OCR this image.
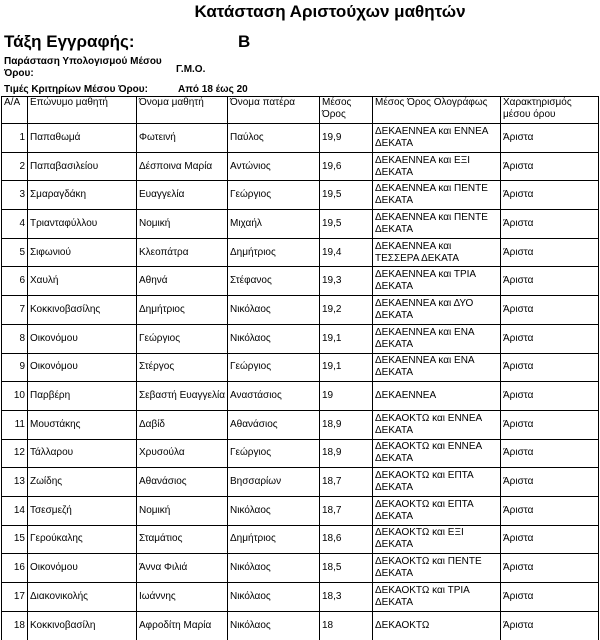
Κατάσταση Αριστούχων μαθητών
Τάξη Εγγραφής:	Β
Παράσταση Υπολογισμού Μέσου Όρου:	Γ.Μ.Ο.
Τιμές Κριτηρίων Μέσου Όρου:	Από 18 έως 20
Α/Α	Επώνυμο μαθητή	Όνομα μαθητή	Όνομα πατέρα	Μέσος Όρος	Μέσος Όρος Ολογράφως	Χαρακτηρισμός μέσου όρου
1	Παπαθωμά	Φωτεινή	Παύλος	19,9	ΔΕΚΑΕΝΝΕΑ και ΕΝΝΕΑ ΔΕΚΑΤΑ	Άριστα
2	Παπαβασιλείου	Δέσποινα Μαρία	Αντώνιος	19,6	ΔΕΚΑΕΝΝΕΑ και ΕΞΙ ΔΕΚΑΤΑ	Άριστα
3	Σμαραγδάκη	Ευαγγελία	Γεώργιος	19,5	ΔΕΚΑΕΝΝΕΑ και ΠΕΝΤΕ ΔΕΚΑΤΑ	Άριστα
4	Τριανταφύλλου	Νομική	Μιχαήλ	19,5	ΔΕΚΑΕΝΝΕΑ και ΠΕΝΤΕ ΔΕΚΑΤΑ	Άριστα
5	Σιφωνιού	Κλεοπάτρα	Δημήτριος	19,4	ΔΕΚΑΕΝΝΕΑ και ΤΕΣΣΕΡΑ ΔΕΚΑΤΑ	Άριστα
6	Χαυλή	Αθηνά	Στέφανος	19,3	ΔΕΚΑΕΝΝΕΑ και ΤΡΙΑ ΔΕΚΑΤΑ	Άριστα
7	Κοκκινοβασίλης	Δημήτριος	Νικόλαος	19,2	ΔΕΚΑΕΝΝΕΑ και ΔΥΟ ΔΕΚΑΤΑ	Άριστα
8	Οικονόμου	Γεώργιος	Νικόλαος	19,1	ΔΕΚΑΕΝΝΕΑ και ΕΝΑ ΔΕΚΑΤΑ	Άριστα
9	Οικονόμου	Στέργος	Γεώργιος	19,1	ΔΕΚΑΕΝΝΕΑ και ΕΝΑ ΔΕΚΑΤΑ	Άριστα
10	Παρβέρη	Σεβαστή Ευαγγελία	Αναστάσιος	19	ΔΕΚΑΕΝΝΕΑ	Άριστα
11	Μουστάκης	Δαβίδ	Αθανάσιος	18,9	ΔΕΚΑΟΚΤΩ και ΕΝΝΕΑ ΔΕΚΑΤΑ	Άριστα
12	Τάλλαρου	Χρυσούλα	Γεώργιος	18,9	ΔΕΚΑΟΚΤΩ και ΕΝΝΕΑ ΔΕΚΑΤΑ	Άριστα
13	Ζωίδης	Αθανάσιος	Βησσαρίων	18,7	ΔΕΚΑΟΚΤΩ και ΕΠΤΑ ΔΕΚΑΤΑ	Άριστα
14	Τσεσμεζή	Νομική	Νικόλαος	18,7	ΔΕΚΑΟΚΤΩ και ΕΠΤΑ ΔΕΚΑΤΑ	Άριστα
15	Γερούκαλης	Σταμάτιος	Δημήτριος	18,6	ΔΕΚΑΟΚΤΩ και ΕΞΙ ΔΕΚΑΤΑ	Άριστα
16	Οικονόμου	Άννα Φιλιά	Νικόλαος	18,5	ΔΕΚΑΟΚΤΩ και ΠΕΝΤΕ ΔΕΚΑΤΑ	Άριστα
17	Διακονικολής	Ιωάννης	Νικόλαος	18,3	ΔΕΚΑΟΚΤΩ και ΤΡΙΑ ΔΕΚΑΤΑ	Άριστα
18	Κοκκινοβασίλη	Αφροδίτη Μαρία	Νικόλαος	18	ΔΕΚΑΟΚΤΩ	Άριστα
